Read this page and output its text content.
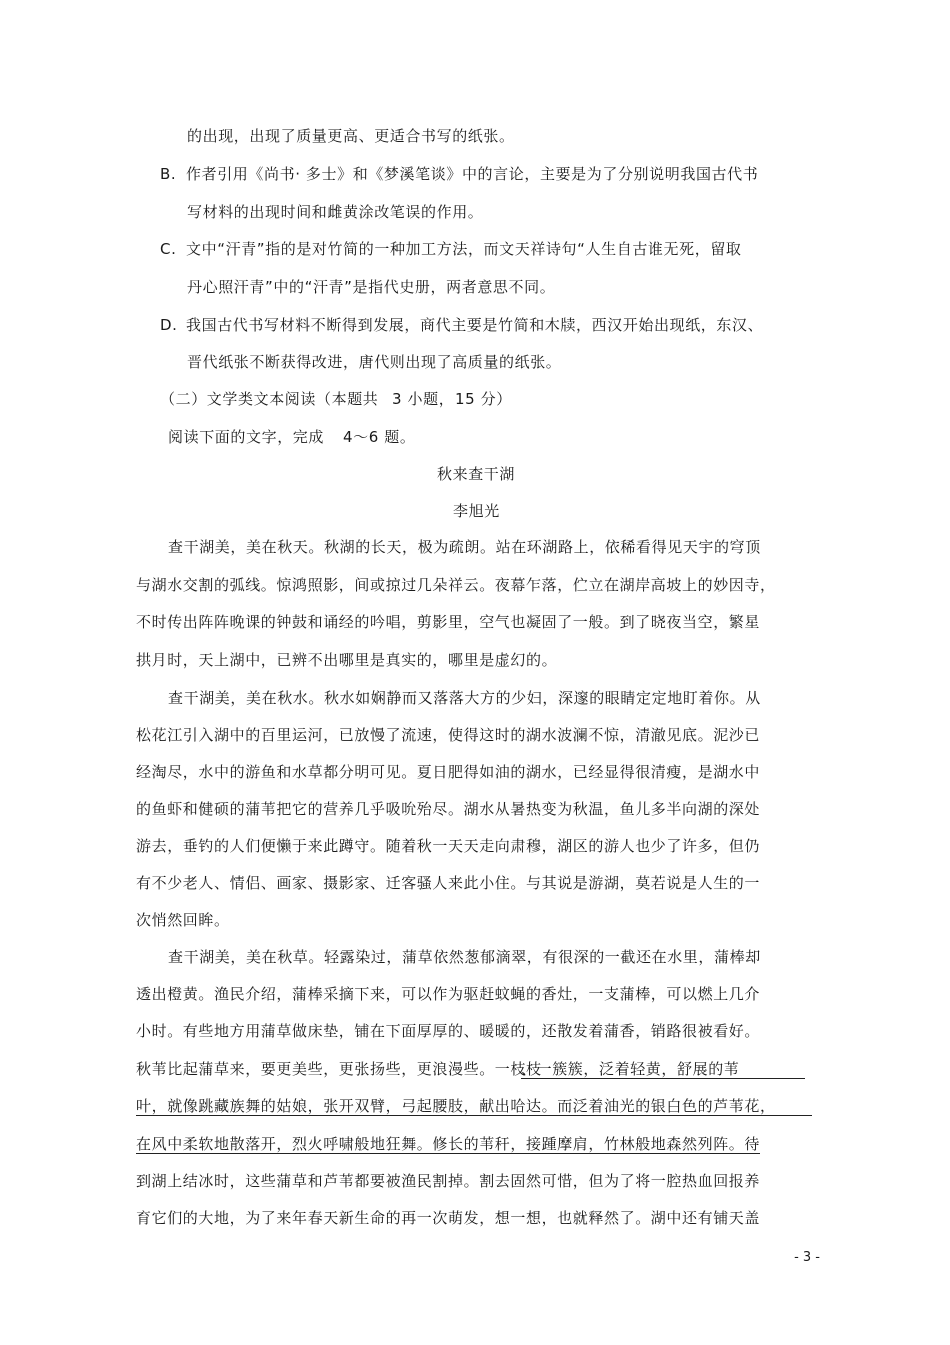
的出现，出现了质量更高、更适合书写的纸张。
B. 作者引用《尚书· 多士》和《梦溪笔谈》中的言论，主要是为了分别说明我国古代书
写材料的出现时间和雌黄涂改笔误的作用。
C. 文中“汗青”指的是对竹简的一种加工方法，而文天祥诗句“人生自古谁无死，留取
丹心照汗青”中的“汗青”是指代史册，两者意思不同。
D. 我国古代书写材料不断得到发展，商代主要是竹简和木牍，西汉开始出现纸，东汉、
晋代纸张不断获得改进，唐代则出现了高质量的纸张。
（二）文学类文本阅读（本题共 3 小题， 15 分）
阅读下面的文字，完成 4～6 题。
秋来查干湖
李旭光
查干湖美，美在秋天。秋湖的长天，极为疏朗。站在环湖路上，依稀看得见天宇的穹顶
与湖水交割的弧线。惊鸿照影，间或掠过几朵祥云。夜幕乍落，伫立在湖岸高坡上的妙因寺，
不时传出阵阵晚课的钟鼓和诵经的吟唱，剪影里，空气也凝固了一般。到了晓夜当空，繁星
拱月时，天上湖中，已辨不出哪里是真实的，哪里是虚幻的。
查干湖美，美在秋水。秋水如娴静而又落落大方的少妇，深邃的眼睛定定地盯着你。从
松花江引入湖中的百里运河，已放慢了流速，使得这时的湖水波澜不惊，清澈见底。泥沙已
经淘尽，水中的游鱼和水草都分明可见。夏日肥得如油的湖水，已经显得很清瘦，是湖水中
的鱼虾和健硕的蒲苇把它的营养几乎吸吮殆尽。湖水从暑热变为秋温，鱼儿多半向湖的深处
游去，垂钓的人们便懒于来此蹲守。随着秋一天天走向肃穆，湖区的游人也少了许多，但仍
有不少老人、情侣、画家、摄影家、迁客骚人来此小住。与其说是游湖，莫若说是人生的一
次悄然回眸。
查干湖美，美在秋草。轻露染过，蒲草依然葱郁滴翠，有很深的一截还在水里，蒲棒却
透出橙黄。渔民介绍，蒲棒采摘下来，可以作为驱赶蚊蝇的香灶，一支蒲棒，可以燃上几介
小时。有些地方用蒲草做床垫，铺在下面厚厚的、暖暖的，还散发着蒲香，销路很被看好。
秋苇比起蒲草来，要更美些，更张扬些，更浪漫些。一枝枝
、一簇簇，泛着轻黄，舒展的苇
叶，就像跳藏族舞的姑娘，张开双臂，弓起腰肢，献出哈达。而泛着油光的银白色的芦苇花，
在风中柔软地散落开，烈火呼啸般地狂舞。修长的苇秆，接踵摩肩，竹林般地森然列阵。待
到湖上结冰时，这些蒲草和芦苇都要被渔民割掉。割去固然可惜，但为了将一腔热血回报养
育它们的大地，为了来年春天新生命的再一次萌发，想一想，也就释然了。湖中还有铺天盖
- 3 -
